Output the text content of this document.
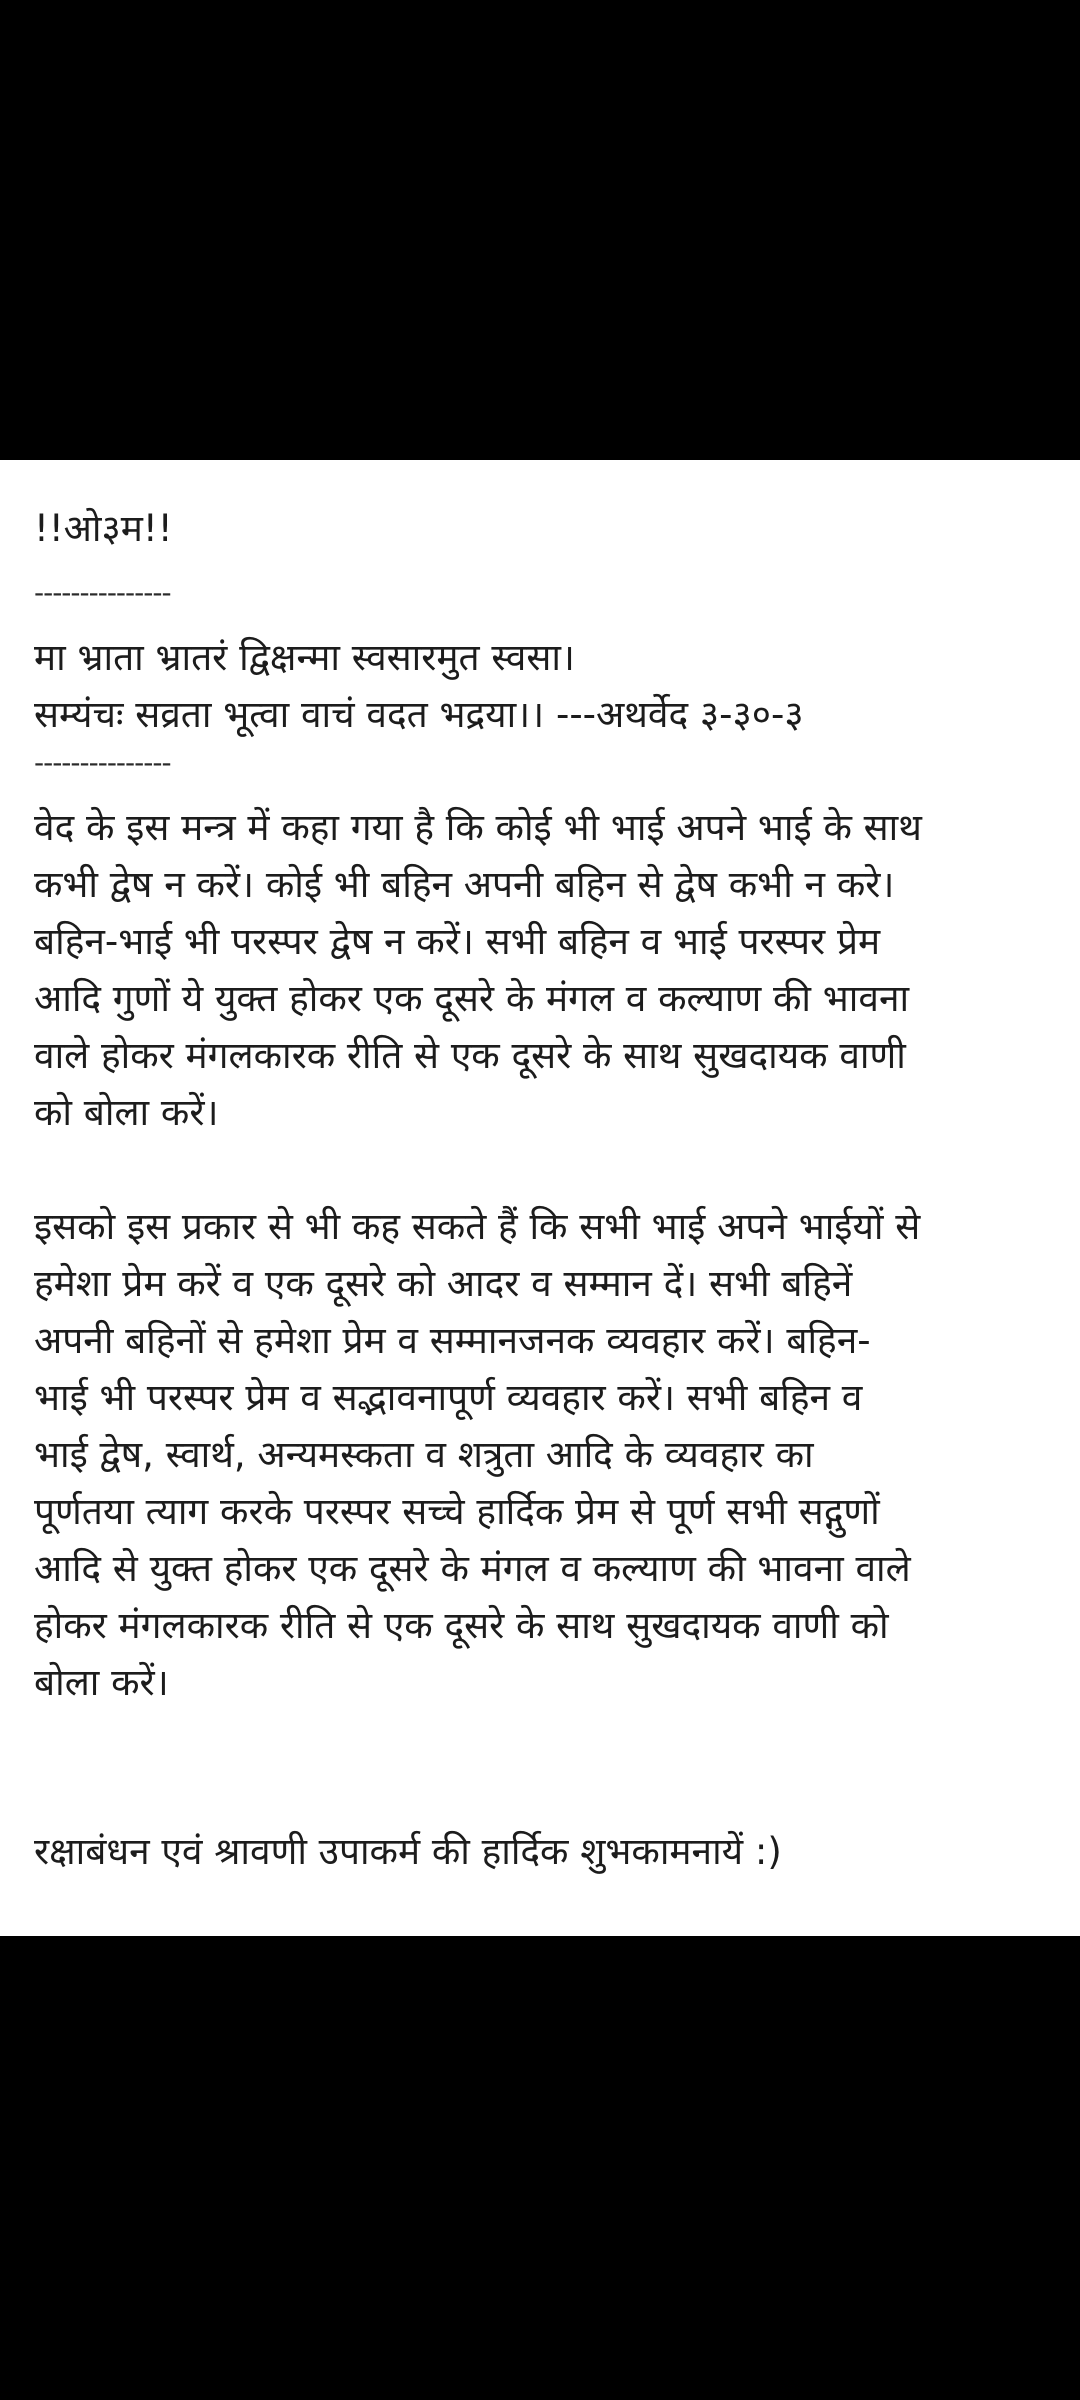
!!ओ३म!!

---------------

मा भ्राता भ्रातरं द्विक्षन्मा स्वसारमुत स्वसा।

सम्यंचः सव्रता भूत्वा वाचं वदत भद्रया।। ---अथर्वेद ३-३०-३

---------------

वेद के इस मन्त्र में कहा गया है कि कोई भी भाई अपने भाई के साथ

कभी द्वेष न करें। कोई भी बहिन अपनी बहिन से द्वेष कभी न करे।

बहिन-भाई भी परस्पर द्वेष न करें। सभी बहिन व भाई परस्पर प्रेम

आदि गुणों ये युक्त होकर एक दूसरे के मंगल व कल्याण की भावना

वाले होकर मंगलकारक रीति से एक दूसरे के साथ सुखदायक वाणी

को बोला करें।

इसको इस प्रकार से भी कह सकते हैं कि सभी भाई अपने भाईयों से

हमेशा प्रेम करें व एक दूसरे को आदर व सम्मान दें। सभी बहिनें

अपनी बहिनों से हमेशा प्रेम व सम्मानजनक व्यवहार करें। बहिन-

भाई भी परस्पर प्रेम व सद्भावनापूर्ण व्यवहार करें। सभी बहिन व

भाई द्वेष, स्वार्थ, अन्यमस्कता व शत्रुता आदि के व्यवहार का

पूर्णतया त्याग करके परस्पर सच्चे हार्दिक प्रेम से पूर्ण सभी सद्गुणों

आदि से युक्त होकर एक दूसरे के मंगल व कल्याण की भावना वाले

होकर मंगलकारक रीति से एक दूसरे के साथ सुखदायक वाणी को

बोला करें।

रक्षाबंधन एवं श्रावणी उपाकर्म की हार्दिक शुभकामनायें :)
